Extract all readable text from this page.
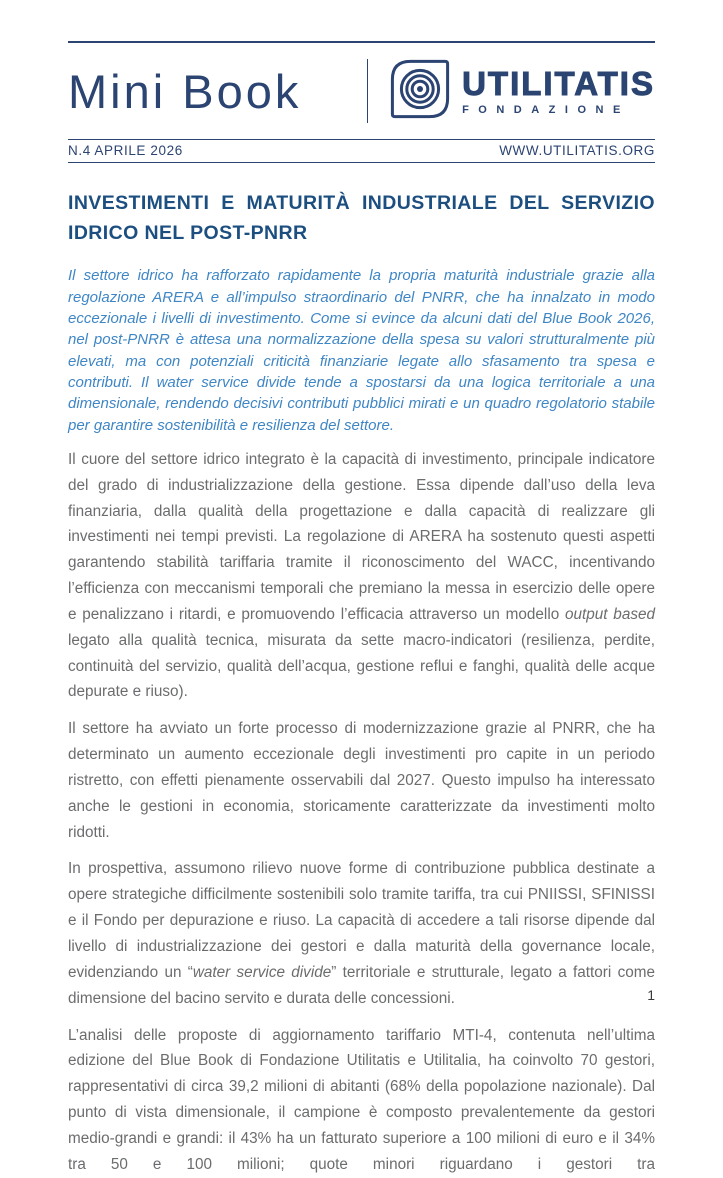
Mini Book	UTILITATIS
FONDAZIONE
N.4 APRILE 2026	WWW.UTILITATIS.ORG
INVESTIMENTI E MATURITÀ INDUSTRIALE DEL SERVIZIO IDRICO NEL POST-PNRR

Il settore idrico ha rafforzato rapidamente la propria maturità industriale grazie alla regolazione ARERA e all’impulso straordinario del PNRR, che ha innalzato in modo eccezionale i livelli di investimento. Come si evince da alcuni dati del Blue Book 2026, nel post-PNRR è attesa una normalizzazione della spesa su valori strutturalmente più elevati, ma con potenziali criticità finanziarie legate allo sfasamento tra spesa e contributi. Il water service divide tende a spostarsi da una logica territoriale a una dimensionale, rendendo decisivi contributi pubblici mirati e un quadro regolatorio stabile per garantire sostenibilità e resilienza del settore.

Il cuore del settore idrico integrato è la capacità di investimento, principale indicatore del grado di industrializzazione della gestione. Essa dipende dall’uso della leva finanziaria, dalla qualità della progettazione e dalla capacità di realizzare gli investimenti nei tempi previsti. La regolazione di ARERA ha sostenuto questi aspetti garantendo stabilità tariffaria tramite il riconoscimento del WACC, incentivando l’efficienza con meccanismi temporali che premiano la messa in esercizio delle opere e penalizzano i ritardi, e promuovendo l’efficacia attraverso un modello output based legato alla qualità tecnica, misurata da sette macro-indicatori (resilienza, perdite, continuità del servizio, qualità dell’acqua, gestione reflui e fanghi, qualità delle acque depurate e riuso).

Il settore ha avviato un forte processo di modernizzazione grazie al PNRR, che ha determinato un aumento eccezionale degli investimenti pro capite in un periodo ristretto, con effetti pienamente osservabili dal 2027. Questo impulso ha interessato anche le gestioni in economia, storicamente caratterizzate da investimenti molto ridotti.

In prospettiva, assumono rilievo nuove forme di contribuzione pubblica destinate a opere strategiche difficilmente sostenibili solo tramite tariffa, tra cui PNIISSI, SFINISSI e il Fondo per depurazione e riuso. La capacità di accedere a tali risorse dipende dal livello di industrializzazione dei gestori e dalla maturità della governance locale, evidenziando un “water service divide” territoriale e strutturale, legato a fattori come dimensione del bacino servito e durata delle concessioni.

L’analisi delle proposte di aggiornamento tariffario MTI-4, contenuta nell’ultima edizione del Blue Book di Fondazione Utilitatis e Utilitalia, ha coinvolto 70 gestori, rappresentativi di circa 39,2 milioni di abitanti (68% della popolazione nazionale). Dal punto di vista dimensionale, il campione è composto prevalentemente da gestori medio-grandi e grandi: il 43% ha un fatturato superiore a 100 milioni di euro e il 34% tra 50 e 100 milioni; quote minori riguardano i gestori tra

1
